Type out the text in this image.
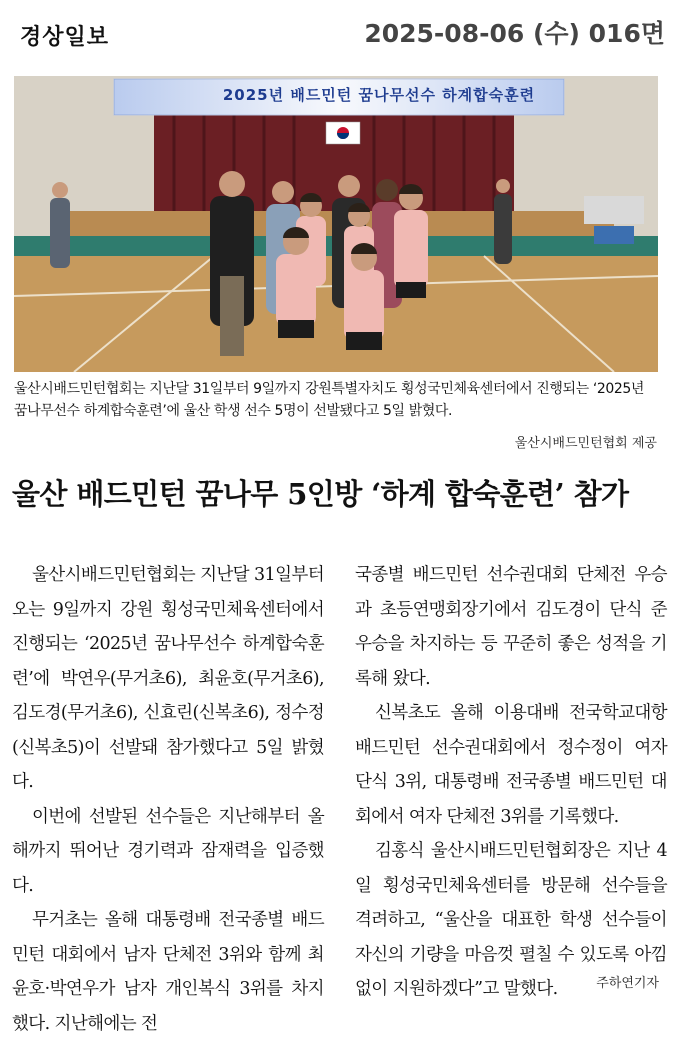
경상일보	2025-08-06 (수) 016면
2025년 배드민턴 꿈나무선수 하계합숙훈련
울산시배드민턴협회는 지난달 31일부터 9일까지 강원특별자치도 횡성국민체육센터에서 진행되는 ‘2025년 꿈나무선수 하계합숙훈련’에 울산 학생 선수 5명이 선발됐다고 5일 밝혔다.
울산시배드민턴협회 제공
울산 배드민턴 꿈나무 5인방 ‘하계 합숙훈련’ 참가

울산시배드민턴협회는 지난달 31일부터 오는 9일까지 강원 횡성국민체육센터에서 진행되는 ‘2025년 꿈나무선수 하계합숙훈련’에 박연우(무거초6), 최윤호(무거초6), 김도경(무거초6), 신효린(신복초6), 정수정(신복초5)이 선발돼 참가했다고 5일 밝혔다.

이번에 선발된 선수들은 지난해부터 올해까지 뛰어난 경기력과 잠재력을 입증했다.

무거초는 올해 대통령배 전국종별 배드민턴 대회에서 남자 단체전 3위와 함께 최윤호·박연우가 남자 개인복식 3위를 차지했다. 지난해에는 전

국종별 배드민턴 선수권대회 단체전 우승과 초등연맹회장기에서 김도경이 단식 준우승을 차지하는 등 꾸준히 좋은 성적을 기록해 왔다.

신복초도 올해 이용대배 전국학교대항 배드민턴 선수권대회에서 정수정이 여자 단식 3위, 대통령배 전국종별 배드민턴 대회에서 여자 단체전 3위를 기록했다.

김홍식 울산시배드민턴협회장은 지난 4일 횡성국민체육센터를 방문해 선수들을 격려하고, “울산을 대표한 학생 선수들이 자신의 기량을 마음껏 펼칠 수 있도록 아낌 없이 지원하겠다”고 말했다.	주하연기자
